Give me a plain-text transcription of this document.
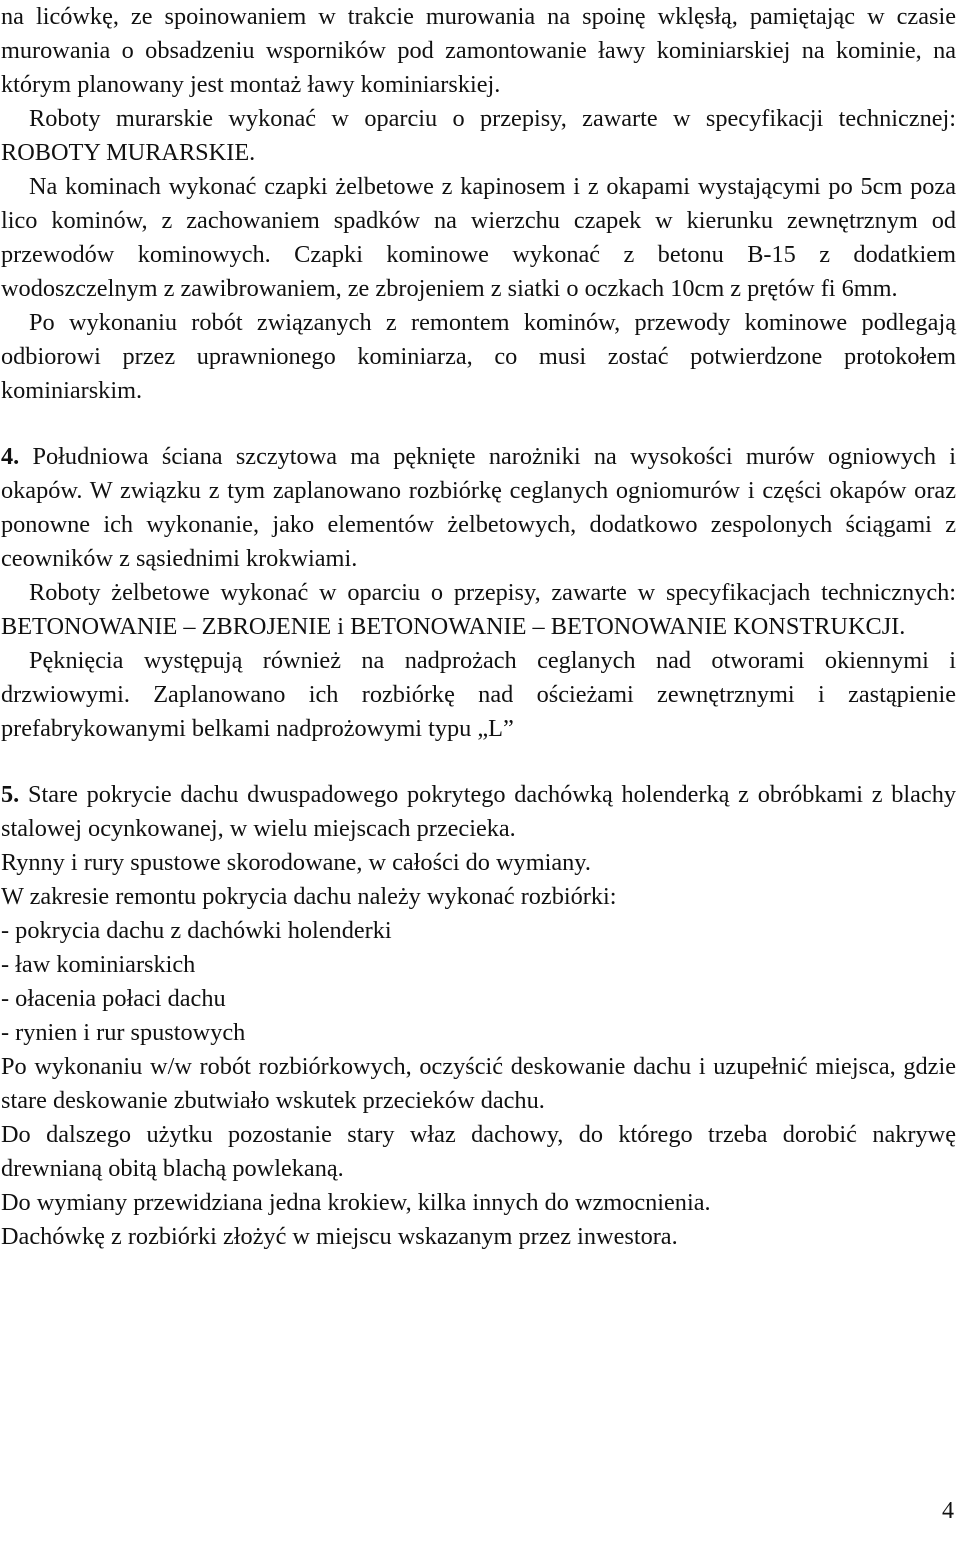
na licówkę, ze spoinowaniem w trakcie murowania na spoinę wklęsłą, pamiętając w czasie murowania o obsadzeniu wsporników pod zamontowanie ławy kominiarskiej na kominie, na którym planowany jest montaż ławy kominiarskiej.

Roboty murarskie wykonać w oparciu o przepisy, zawarte w specyfikacji technicznej: ROBOTY MURARSKIE.

Na kominach wykonać czapki żelbetowe z kapinosem i z okapami wystającymi po 5cm poza lico kominów, z zachowaniem spadków na wierzchu czapek w kierunku zewnętrznym od przewodów kominowych. Czapki kominowe wykonać z betonu B-15 z dodatkiem wodoszczelnym z zawibrowaniem, ze zbrojeniem z siatki o oczkach 10cm z prętów fi 6mm.

Po wykonaniu robót związanych z remontem kominów, przewody kominowe podlegają odbiorowi przez uprawnionego kominiarza, co musi zostać potwierdzone protokołem kominiarskim.

4. Południowa ściana szczytowa ma pęknięte narożniki na wysokości murów ogniowych i okapów. W związku z tym zaplanowano rozbiórkę ceglanych ogniomurów i części okapów oraz ponowne ich wykonanie, jako elementów żelbetowych, dodatkowo zespolonych ściągami z ceowników z sąsiednimi krokwiami.

Roboty żelbetowe wykonać w oparciu o przepisy, zawarte w specyfikacjach technicznych: BETONOWANIE – ZBROJENIE i BETONOWANIE – BETONOWANIE KONSTRUKCJI.

Pęknięcia występują również na nadprożach ceglanych nad otworami okiennymi i drzwiowymi. Zaplanowano ich rozbiórkę nad ościeżami zewnętrznymi i zastąpienie prefabrykowanymi belkami nadprożowymi typu „L”

5. Stare pokrycie dachu dwuspadowego pokrytego dachówką holenderką z obróbkami z blachy stalowej ocynkowanej, w wielu miejscach przecieka.

Rynny i rury spustowe skorodowane, w całości do wymiany.

W zakresie remontu pokrycia dachu należy wykonać rozbiórki:

- pokrycia dachu z dachówki holenderki

- ław kominiarskich

- ołacenia połaci dachu

- rynien i rur spustowych

Po wykonaniu w/w robót rozbiórkowych, oczyścić deskowanie dachu i uzupełnić miejsca, gdzie stare deskowanie zbutwiało wskutek przecieków dachu.

Do dalszego użytku pozostanie stary właz dachowy, do którego trzeba dorobić nakrywę drewnianą obitą blachą powlekaną.

Do wymiany przewidziana jedna krokiew, kilka innych do wzmocnienia.

Dachówkę z rozbiórki złożyć w miejscu wskazanym przez inwestora.

4
